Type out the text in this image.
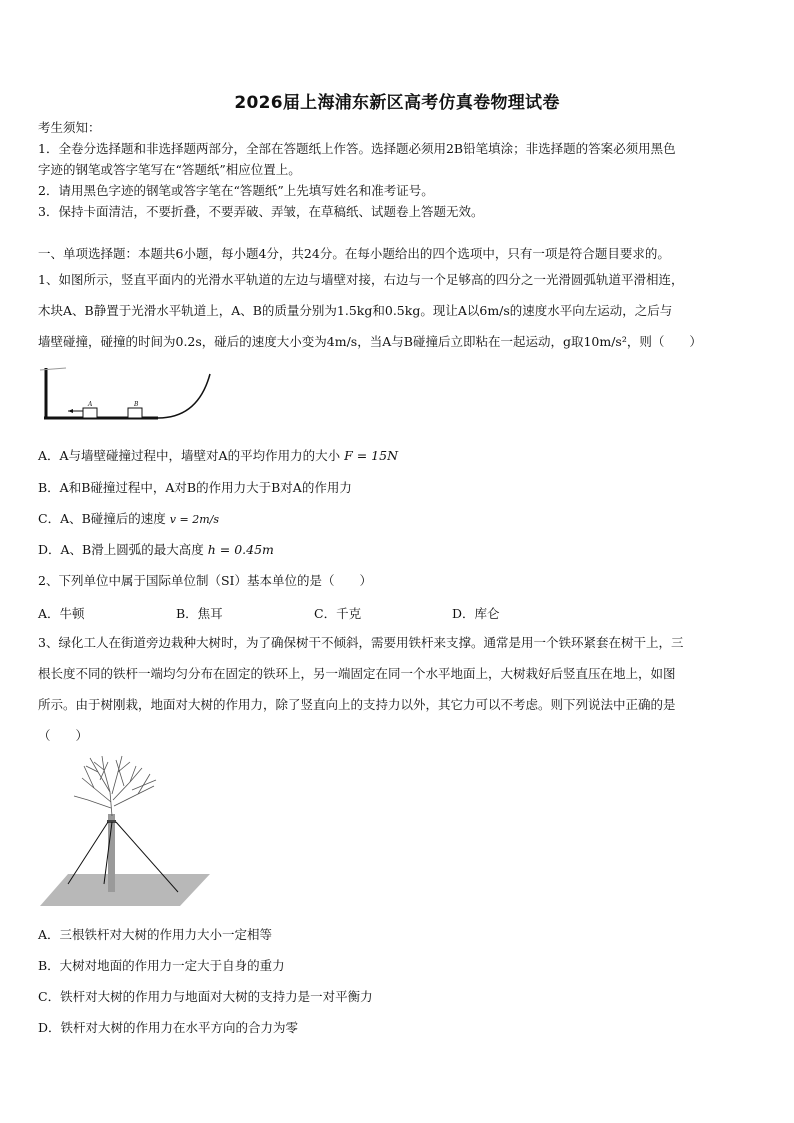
2026届上海浦东新区高考仿真卷物理试卷
考生须知：
1．全卷分选择题和非选择题两部分，全部在答题纸上作答。选择题必须用2B铅笔填涂；非选择题的答案必须用黑色
字迹的钢笔或答字笔写在“答题纸”相应位置上。
2．请用黑色字迹的钢笔或答字笔在“答题纸”上先填写姓名和准考证号。
3．保持卡面清洁，不要折叠，不要弄破、弄皱，在草稿纸、试题卷上答题无效。
一、单项选择题：本题共6小题，每小题4分，共24分。在每小题给出的四个选项中，只有一项是符合题目要求的。
1、如图所示，竖直平面内的光滑水平轨道的左边与墙壁对接，右边与一个足够高的四分之一光滑圆弧轨道平滑相连，
木块A、B静置于光滑水平轨道上，A、B的质量分别为1.5kg和0.5kg。现让A以6m/s的速度水平向左运动，之后与
墙壁碰撞，碰撞的时间为0.2s，碰后的速度大小变为4m/s，当A与B碰撞后立即粘在一起运动，g取10m/s²，则（　　）
A	B
A．A与墙壁碰撞过程中，墙壁对A的平均作用力的大小 F = 15N
B．A和B碰撞过程中，A对B的作用力大于B对A的作用力
C．A、B碰撞后的速度 v = 2m/s
D．A、B滑上圆弧的最大高度 h = 0.45m
2、下列单位中属于国际单位制（SI）基本单位的是（　　）
A．牛顿	B．焦耳	C．千克	D．库仑
3、绿化工人在街道旁边栽种大树时，为了确保树干不倾斜，需要用铁杆来支撑。通常是用一个铁环紧套在树干上，三
根长度不同的铁杆一端均匀分布在固定的铁环上，另一端固定在同一个水平地面上，大树栽好后竖直压在地上，如图
所示。由于树刚栽，地面对大树的作用力，除了竖直向上的支持力以外，其它力可以不考虑。则下列说法中正确的是
（　　）
A．三根铁杆对大树的作用力大小一定相等
B．大树对地面的作用力一定大于自身的重力
C．铁杆对大树的作用力与地面对大树的支持力是一对平衡力
D．铁杆对大树的作用力在水平方向的合力为零
